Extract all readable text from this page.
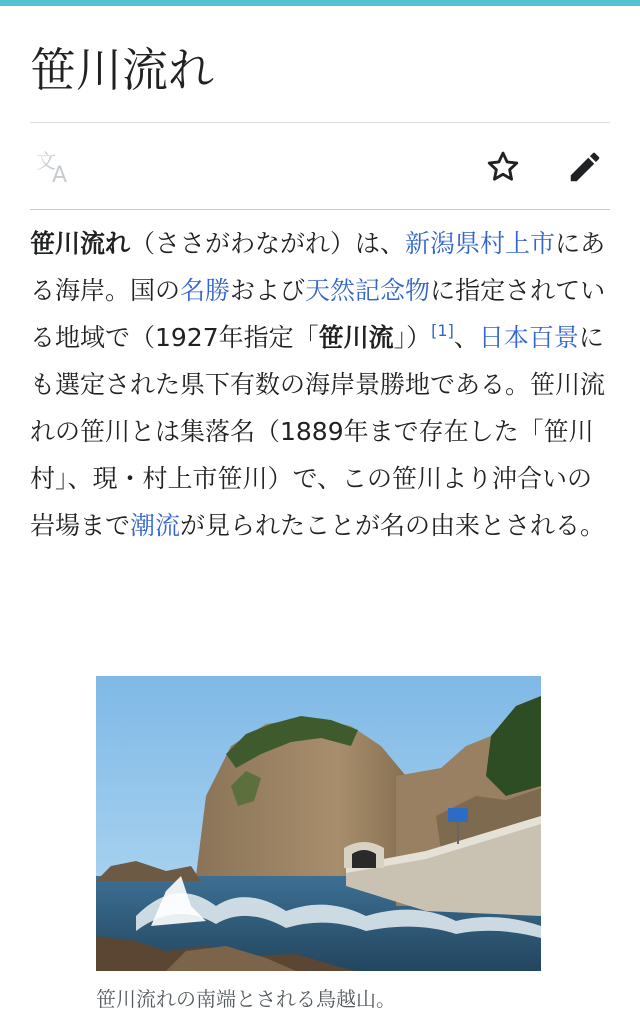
笹川流れ
文
A

笹川流れ（ささがわながれ）は、新潟県村上市にある海岸。国の名勝および天然記念物に指定されている地域で（1927年指定「笹川流」）[1]、日本百景にも選定された県下有数の海岸景勝地である。笹川流れの笹川とは集落名（1889年まで存在した「笹川村」、現・村上市笹川）で、この笹川より沖合いの岩場まで潮流が見られたことが名の由来とされる。

笹川流れの南端とされる鳥越山。
